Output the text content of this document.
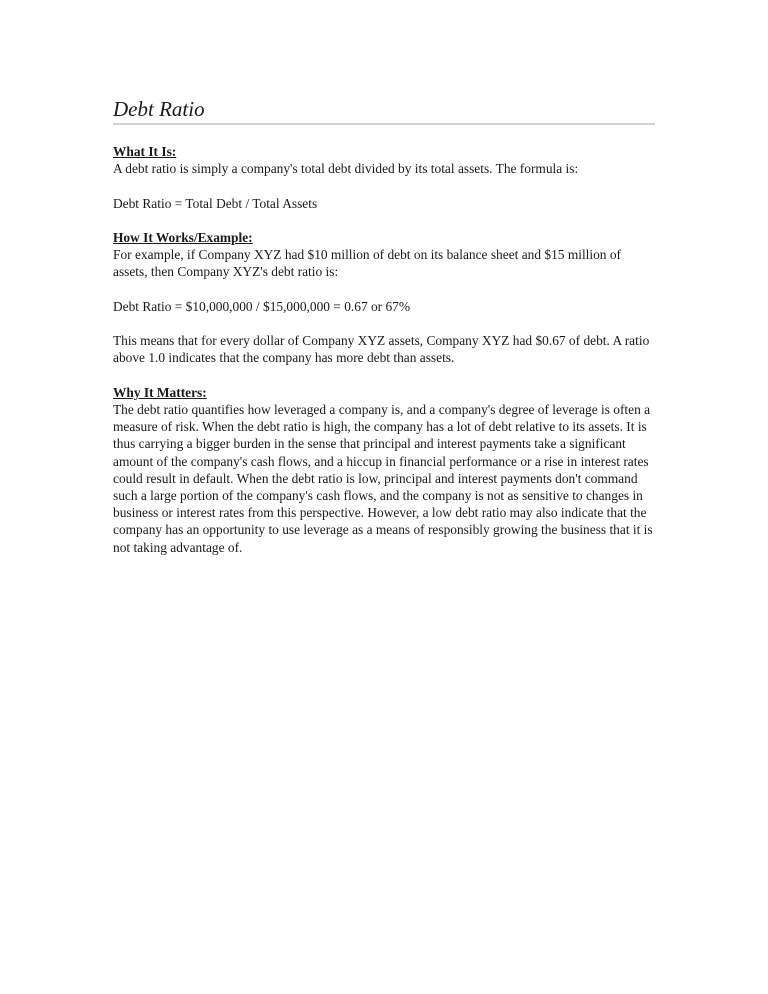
Debt Ratio

What It Is:

A debt ratio is simply a company's total debt divided by its total assets. The formula is:

Debt Ratio = Total Debt / Total Assets

How It Works/Example:

For example, if Company XYZ had $10 million of debt on its balance sheet and $15 million of assets, then Company XYZ's debt ratio is:

Debt Ratio = $10,000,000 / $15,000,000 = 0.67 or 67%

This means that for every dollar of Company XYZ assets, Company XYZ had $0.67 of debt. A ratio above 1.0 indicates that the company has more debt than assets.

Why It Matters:

The debt ratio quantifies how leveraged a company is, and a company's degree of leverage is often a measure of risk. When the debt ratio is high, the company has a lot of debt relative to its assets. It is thus carrying a bigger burden in the sense that principal and interest payments take a significant amount of the company's cash flows, and a hiccup in financial performance or a rise in interest rates could result in default. When the debt ratio is low, principal and interest payments don't command such a large portion of the company's cash flows, and the company is not as sensitive to changes in business or interest rates from this perspective. However, a low debt ratio may also indicate that the company has an opportunity to use leverage as a means of responsibly growing the business that it is not taking advantage of.
